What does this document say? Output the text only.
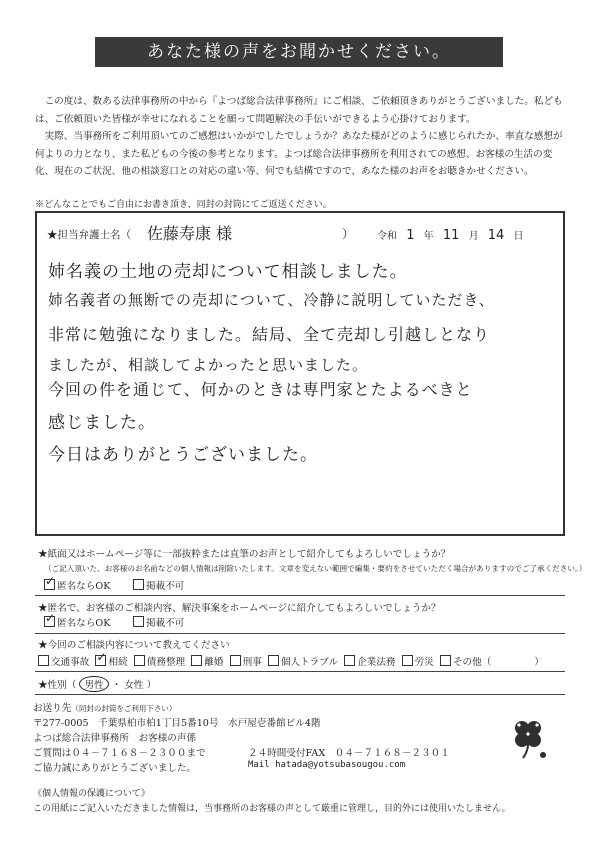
あなた様の声をお聞かせください。

この度は、数ある法律事務所の中から『よつば総合法律事務所』にご相談、ご依頼頂きありがとうございました。私どもは、ご依頼頂いた皆様が幸せになれることを願って問題解決の手伝いができるよう心掛けております。

実際、当事務所をご利用頂いてのご感想はいかがでしたでしょうか？あなた様がどのように感じられたか、率直な感想が何よりの力となり、また私どもの今後の参考となります。よつば総合法律事務所を利用されての感想、お客様の生活の変化、現在のご状況、他の相談窓口との対応の違い等、何でも結構ですので、あなた様のお声をお聴きかせください。

※どんなことでもご自由にお書き頂き、同封の封筒にてご返送ください。
★担当弁護士名（ 佐藤寿康 様	） 令和 1 年 11 月 14 日
姉名義の土地の売却について相談しました。
姉名義者の無断での売却について、冷静に説明していただき、
非常に勉強になりました。結局、全て売却し引越しとなり
ましたが、相談してよかったと思いました。
今回の件を通じて、何かのときは専門家とたよるべきと
感じました。
今日はありがとうございました。
★紙面又はホームページ等に一部抜粋または直筆のお声として紹介してもよろしいでしょうか？
（ご記入頂いた、お客様のお名前などの個人情報は削除いたします。文章を変えない範囲で編集・要約をさせていただく場合がありますのでご了承ください。）
✓匿名ならOK	掲載不可
★匿名で、お客様のご相談内容、解決事案をホームページに紹介してもよろしいでしょうか？
✓匿名ならOK	掲載不可
★今回のご相談内容について教えてください
交通事故  ✓ 相続 債務整理 離婚 刑事 個人トラブル 企業法務 労災 その他（	）
★性別（ 男性 ・ 女性 ）
お送り先（同封の封筒をご利用下さい）
〒277-0005　千葉県柏市柏1丁目5番10号　水戸屋壱番館ビル4階
よつば総合法律事務所　お客様の声係
ご質問は０４－７１６８－２３００まで	２４時間受付FAX　０４－７１６８－２３０１
ご協力誠にありがとうございました。	Mail hatada@yotsubasougou.com
《個人情報の保護について》
この用紙にご記入いただきました情報は，当事務所のお客様の声として厳重に管理し，目的外には使用いたしません。
